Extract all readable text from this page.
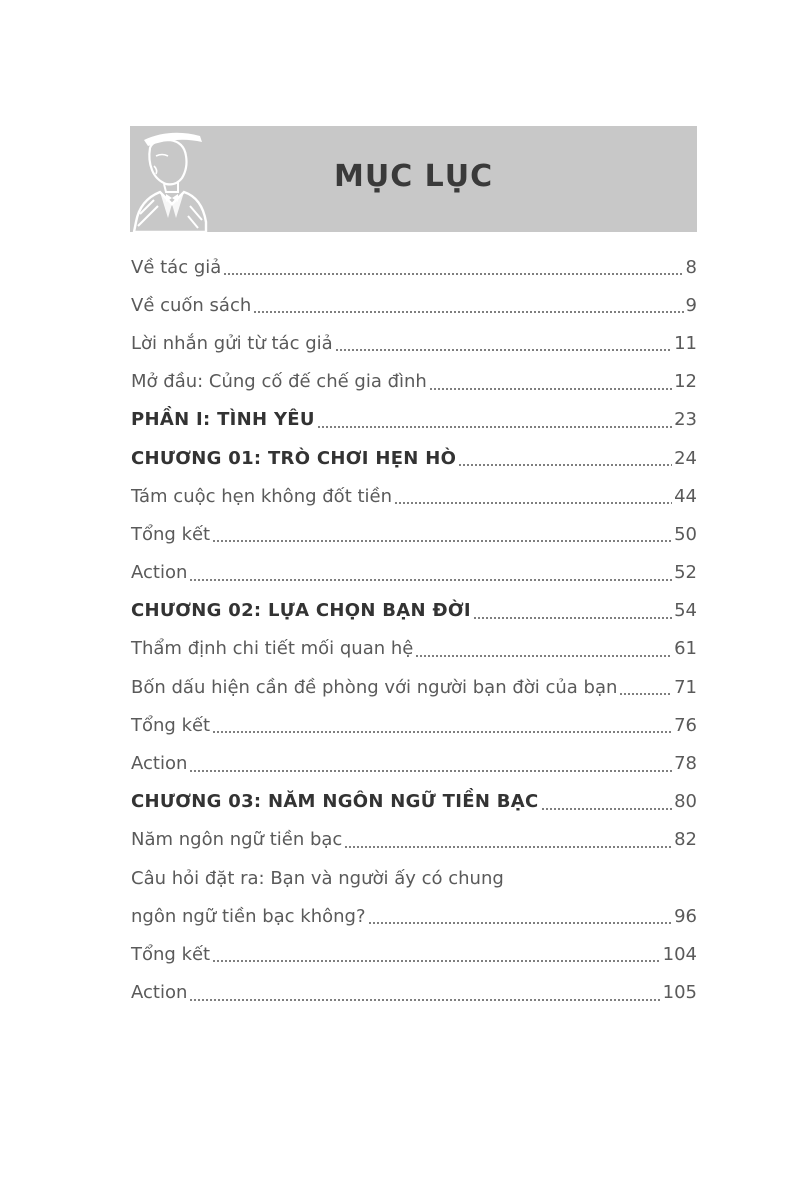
MỤC LỤC
Về tác giả	8
Về cuốn sách	9
Lời nhắn gửi từ tác giả	11
Mở đầu: Củng cố đế chế gia đình	12
PHẦN I: TÌNH YÊU	23
CHƯƠNG 01: TRÒ CHƠI HẸN HÒ	24
Tám cuộc hẹn không đốt tiền	44
Tổng kết	50
Action	52
CHƯƠNG 02: LỰA CHỌN BẠN ĐỜI	54
Thẩm định chi tiết mối quan hệ	61
Bốn dấu hiện cần đề phòng với người bạn đời của bạn	71
Tổng kết	76
Action	78
CHƯƠNG 03: NĂM NGÔN NGỮ TIỀN BẠC	80
Năm ngôn ngữ tiền bạc	82
Câu hỏi đặt ra: Bạn và người ấy có chung
ngôn ngữ tiền bạc không?	96
Tổng kết	104
Action	105
